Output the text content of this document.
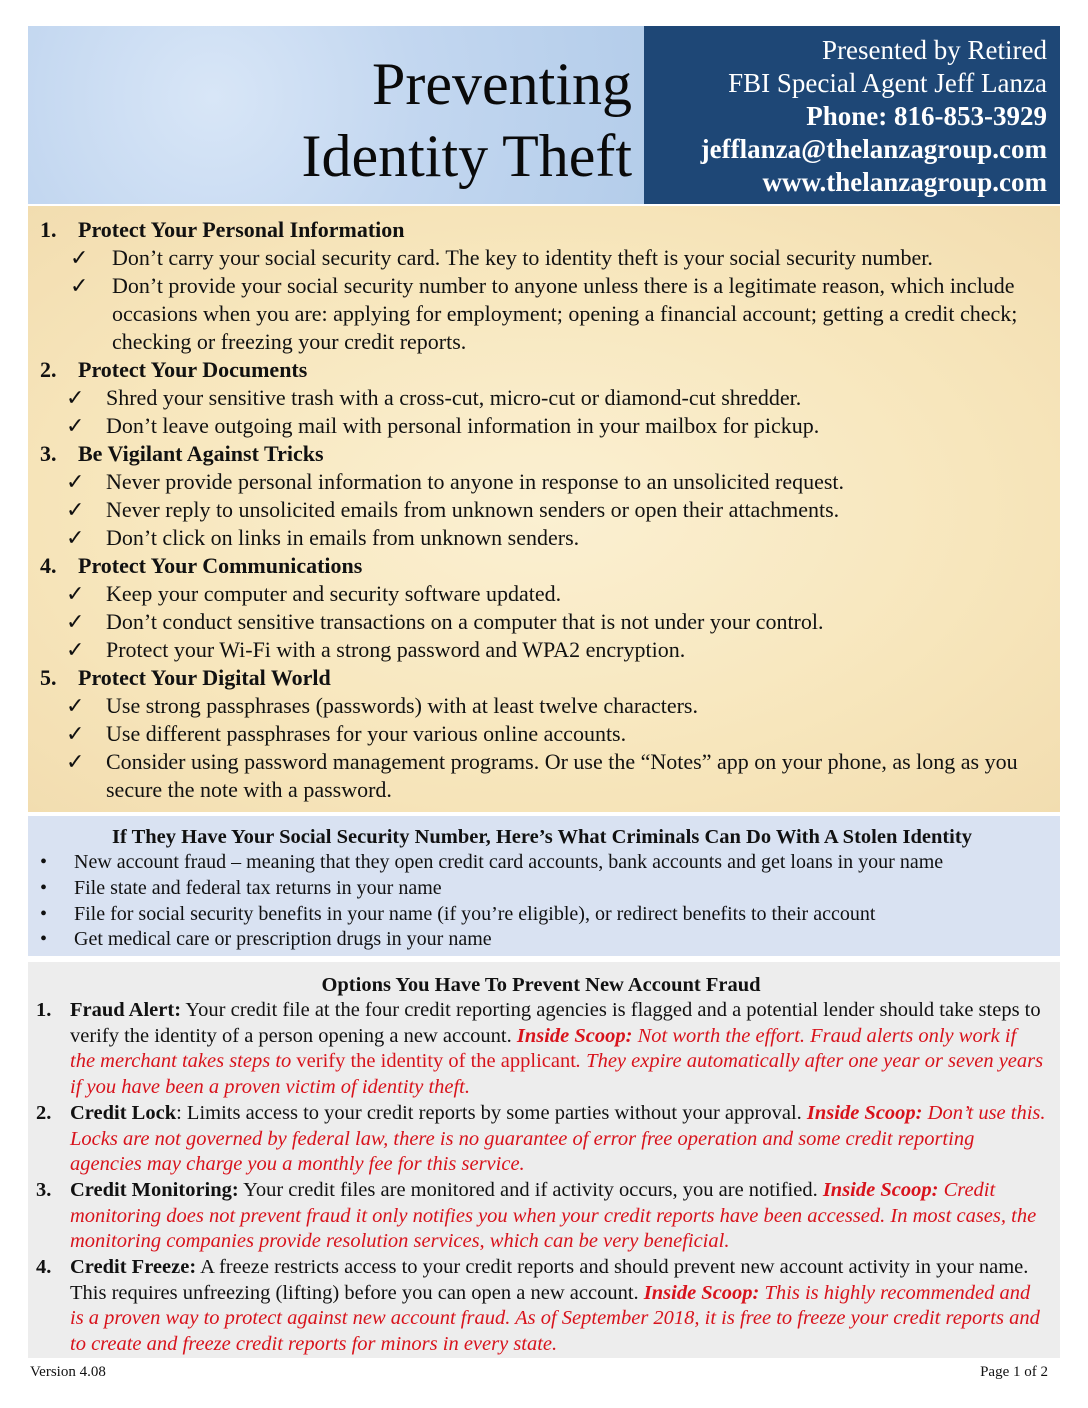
Preventing
Identity Theft
Presented by Retired
FBI Special Agent Jeff Lanza
Phone: 816-853-3929
jefflanza@thelanzagroup.com
www.thelanzagroup.com
1. Protect Your Personal Information
✓	Don’t carry your social security card. The key to identity theft is your social security number.
✓	Don’t provide your social security number to anyone unless there is a legitimate reason, which include occasions when you are: applying for employment; opening a financial account; getting a credit check; checking or freezing your credit reports.
2. Protect Your Documents
✓ Shred your sensitive trash with a cross-cut, micro-cut or diamond-cut shredder.
✓ Don’t leave outgoing mail with personal information in your mailbox for pickup.
3. Be Vigilant Against Tricks
✓ Never provide personal information to anyone in response to an unsolicited request.
✓ Never reply to unsolicited emails from unknown senders or open their attachments.
✓ Don’t click on links in emails from unknown senders.
4. Protect Your Communications
✓ Keep your computer and security software updated.
✓ Don’t conduct sensitive transactions on a computer that is not under your control.
✓ Protect your Wi-Fi with a strong password and WPA2 encryption.
5. Protect Your Digital World
✓ Use strong passphrases (passwords) with at least twelve characters.
✓ Use different passphrases for your various online accounts.
✓ Consider using password management programs. Or use the “Notes” app on your phone, as long as you secure the note with a password.
If They Have Your Social Security Number, Here’s What Criminals Can Do With A Stolen Identity
•	New account fraud – meaning that they open credit card accounts, bank accounts and get loans in your name
•	File state and federal tax returns in your name
•	File for social security benefits in your name (if you’re eligible), or redirect benefits to their account
•	Get medical care or prescription drugs in your name
Options You Have To Prevent New Account Fraud
1. Fraud Alert: Your credit file at the four credit reporting agencies is flagged and a potential lender should take steps to verify the identity of a person opening a new account. Inside Scoop: Not worth the effort. Fraud alerts only work if the merchant takes steps to verify the identity of the applicant. They expire automatically after one year or seven years if you have been a proven victim of identity theft.
2. Credit Lock: Limits access to your credit reports by some parties without your approval. Inside Scoop: Don’t use this. Locks are not governed by federal law, there is no guarantee of error free operation and some credit reporting agencies may charge you a monthly fee for this service.
3. Credit Monitoring: Your credit files are monitored and if activity occurs, you are notified. Inside Scoop: Credit monitoring does not prevent fraud it only notifies you when your credit reports have been accessed. In most cases, the monitoring companies provide resolution services, which can be very beneficial.
4. Credit Freeze: A freeze restricts access to your credit reports and should prevent new account activity in your name. This requires unfreezing (lifting) before you can open a new account. Inside Scoop: This is highly recommended and is a proven way to protect against new account fraud. As of September 2018, it is free to freeze your credit reports and to create and freeze credit reports for minors in every state.
Version 4.08	Page 1 of 2
